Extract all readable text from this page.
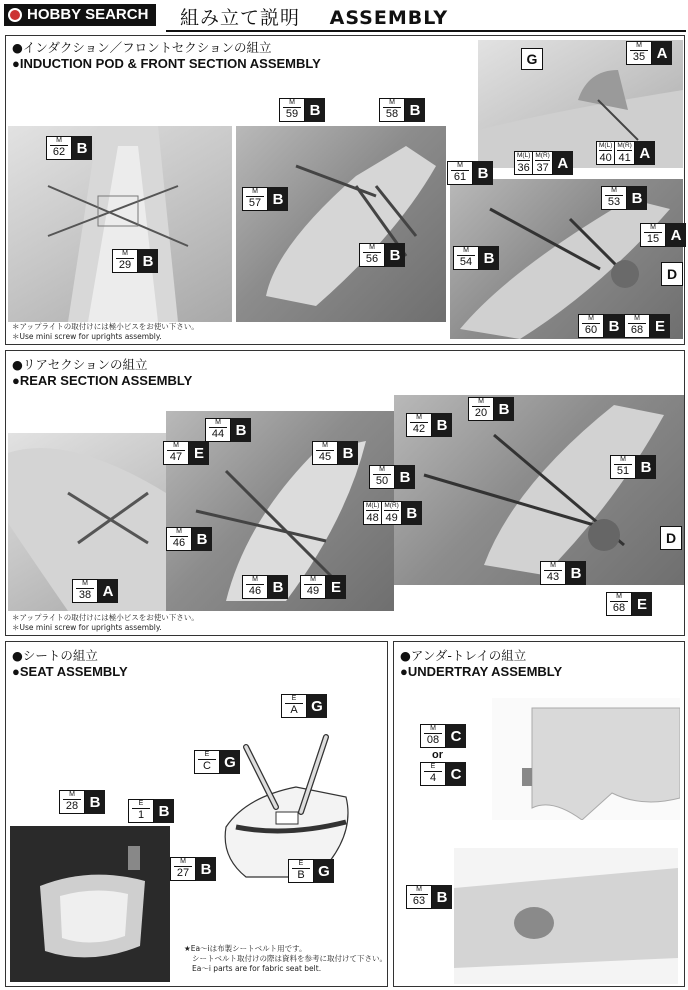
HOBBY SEARCH 組み立て説明 ASSEMBLY
●インダクション／フロントセクションの組立
●INDUCTION POD & FRONT SECTION ASSEMBLY
M
62 B
M
29 B
M
59 B	M
58 B
M
57 B
M
56 B
G
M
35 A
M(L)
36
M(R)
37 A
M(L)
40
M(R)
41 A
M
61 B
M
53 B
M
15 A
M
54 B
D
M
60 B	M
68 E
＊アップライトの取付けには極小ビスをお使い下さい。
＊Use mini screw for uprights assembly.
●リアセクションの組立
●REAR SECTION ASSEMBLY
M
38 A
M
47 E
M
44 B
M
45 B
M
46 B
M
46 B	M
49 E
M(L)
48
M(R)
49 B
M
42 B
M
20 B
M
50 B
M
51 B
D
M
43 B
M
68 E
＊アップライトの取付けには極小ビスをお使い下さい。
＊Use mini screw for uprights assembly.
●シートの組立
●SEAT ASSEMBLY
E
A G
E
C G
M
28 B	E
1 B
M
27 B	E
B G
★Ea〜iは布製シートベルト用です。
シートベルト取付けの際は資料を参考に取付けて下さい。
Ea〜i parts are for fabric seat belt.
●アンダ-トレイの組立
●UNDERTRAY ASSEMBLY
M
08 C
or
E
4 C
M
63 B
